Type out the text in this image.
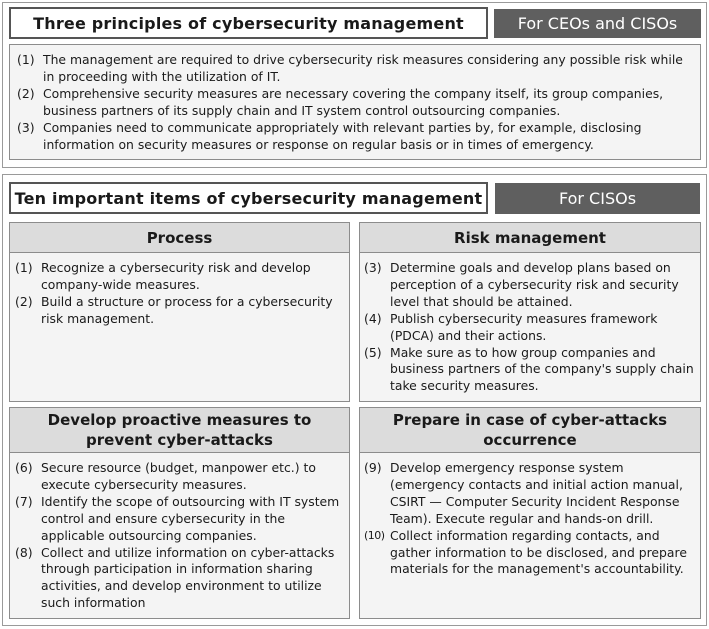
Three principles of cybersecurity management	For CEOs and CISOs
(1) The management are required to drive cybersecurity risk measures considering any possible risk while in proceeding with the utilization of IT.
(2) Comprehensive security measures are necessary covering the company itself, its group companies, business partners of its supply chain and IT system control outsourcing companies.
(3) Companies need to communicate appropriately with relevant parties by, for example, disclosing information on security measures or response on regular basis or in times of emergency.
Ten important items of cybersecurity management	For CISOs
Process
(1) Recognize a cybersecurity risk and develop company-wide measures.
(2) Build a structure or process for a cybersecurity risk management.
Risk management
(3) Determine goals and develop plans based on perception of a cybersecurity risk and security level that should be attained.
(4) Publish cybersecurity measures framework (PDCA) and their actions.
(5) Make sure as to how group companies and business partners of the company's supply chain take security measures.
Develop proactive measures to prevent cyber-attacks
(6) Secure resource (budget, manpower etc.) to execute cybersecurity measures.
(7) Identify the scope of outsourcing with IT system control and ensure cybersecurity in the applicable outsourcing companies.
(8) Collect and utilize information on cyber-attacks through participation in information sharing activities, and develop environment to utilize such information
Prepare in case of cyber-attacks occurrence
(9) Develop emergency response system (emergency contacts and initial action manual, CSIRT — Computer Security Incident Response Team). Execute regular and hands-on drill.
(10) Collect information regarding contacts, and gather information to be disclosed, and prepare materials for the management's accountability.
